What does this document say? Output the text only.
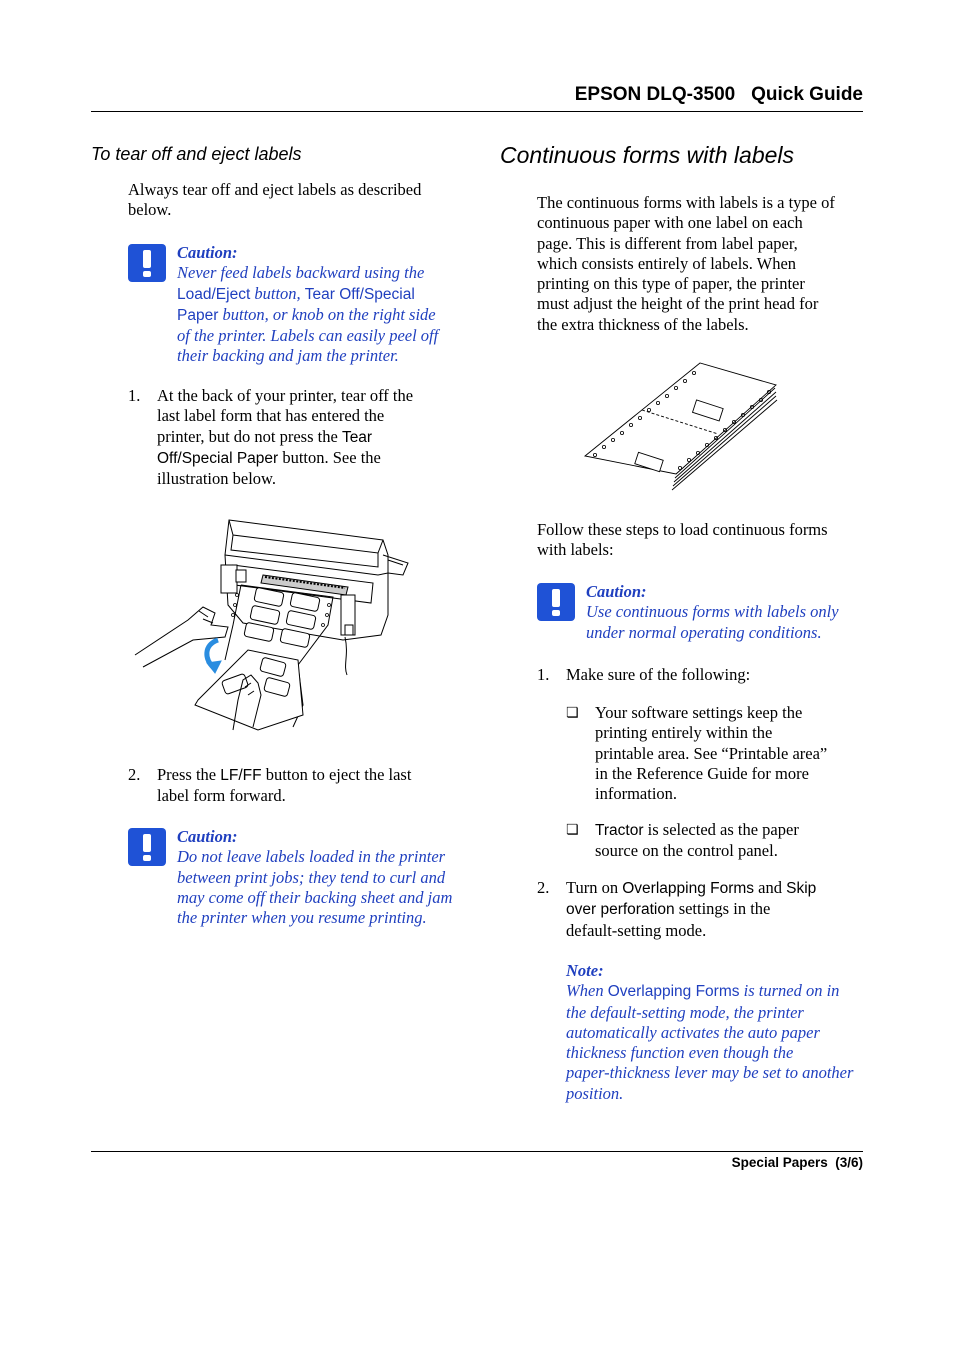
EPSON DLQ-3500   Quick Guide
To tear off and eject labels
Always tear off and eject labels as described
below.
Caution:
Never feed labels backward using the
Load/Eject button, Tear Off/Special
Paper button, or knob on the right side
of the printer. Labels can easily peel off
their backing and jam the printer.
1. At the back of your printer, tear off the
last label form that has entered the
printer, but do not press the Tear
Off/Special Paper button. See the
illustration below.
2. Press the LF/FF button to eject the last
label form forward.
Caution:
Do not leave labels loaded in the printer
between print jobs; they tend to curl and
may come off their backing sheet and jam
the printer when you resume printing.
Continuous forms with labels
The continuous forms with labels is a type of
continuous paper with one label on each
page. This is different from label paper,
which consists entirely of labels. When
printing on this type of paper, the printer
must adjust the height of the print head for
the extra thickness of the labels.
Follow these steps to load continuous forms
with labels:
Caution:
Use continuous forms with labels only
under normal operating conditions.
1. Make sure of the following:
❏ Your software settings keep the
printing entirely within the
printable area. See “Printable area”
in the Reference Guide for more
information.
❏ Tractor is selected as the paper
source on the control panel.
2. Turn on Overlapping Forms and Skip
over perforation settings in the
default-setting mode.
Note:
When Overlapping Forms is turned on in
the default-setting mode, the printer
automatically activates the auto paper
thickness function even though the
paper-thickness lever may be set to another
position.
Special Papers  (3/6)
